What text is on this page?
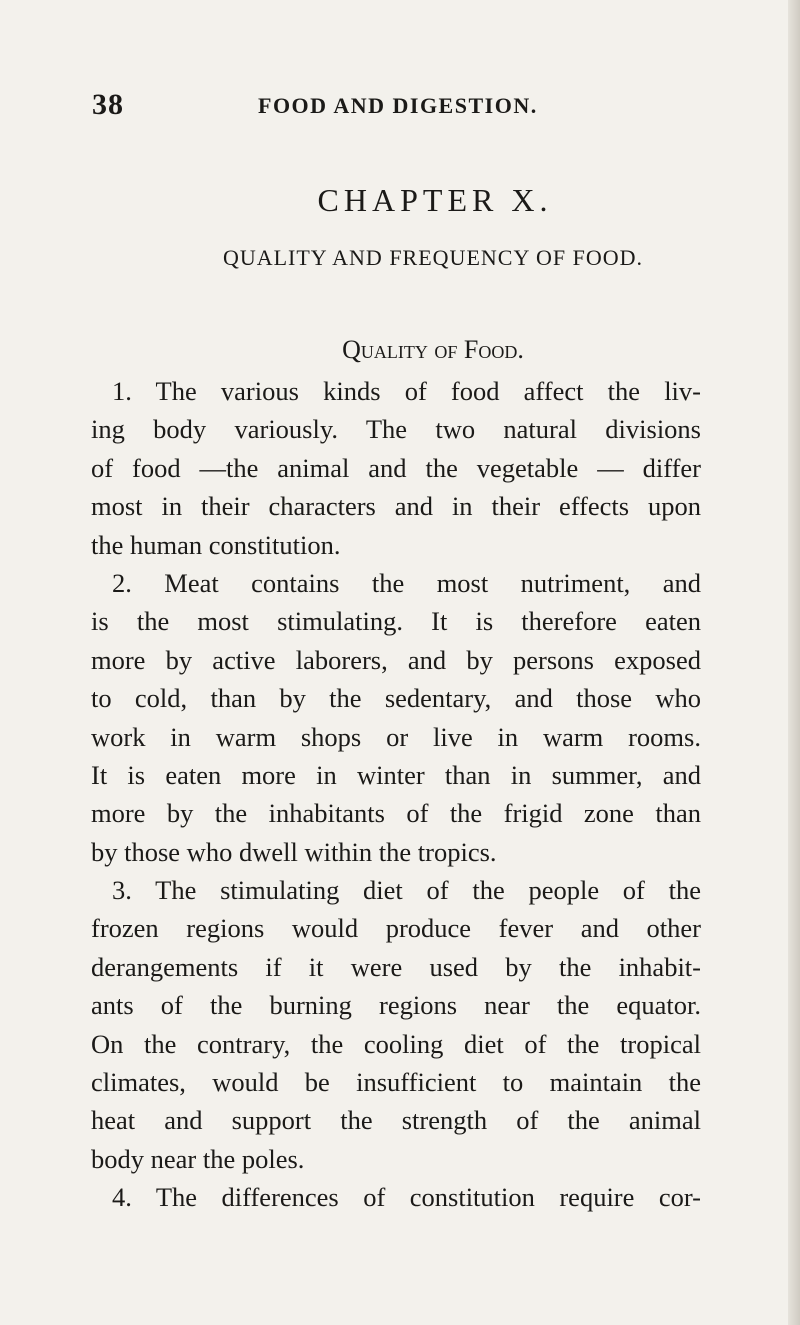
38	FOOD AND DIGESTION.
CHAPTER X.
QUALITY AND FREQUENCY OF FOOD.
Quality of Food.
1. The various kinds of food affect the liv-
ing body variously. The two natural divisions
of food —the animal and the vegetable — differ
most in their characters and in their effects upon
the human constitution.
2. Meat contains the most nutriment, and
is the most stimulating. It is therefore eaten
more by active laborers, and by persons exposed
to cold, than by the sedentary, and those who
work in warm shops or live in warm rooms.
It is eaten more in winter than in summer, and
more by the inhabitants of the frigid zone than
by those who dwell within the tropics.
3. The stimulating diet of the people of the
frozen regions would produce fever and other
derangements if it were used by the inhabit-
ants of the burning regions near the equator.
On the contrary, the cooling diet of the tropical
climates, would be insufficient to maintain the
heat and support the strength of the animal
body near the poles.
4. The differences of constitution require cor-
